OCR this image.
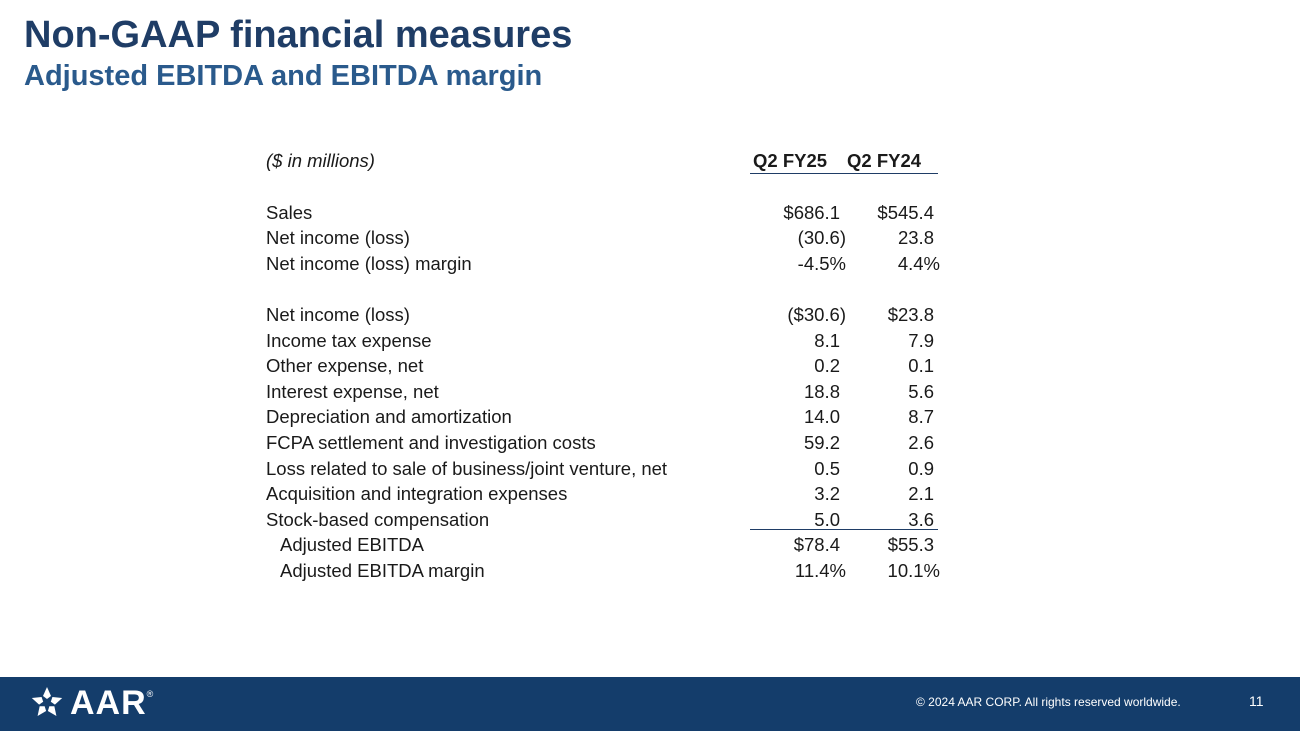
Non-GAAP financial measures
Adjusted EBITDA and EBITDA margin
($ in millions)	Q2 FY25 Q2 FY24
Sales	$686.1 $545.4
Net income (loss)	(30.6)	23.8
Net income (loss) margin	-4.5%	4.4%
Net income (loss)	($30.6) $23.8
Income tax expense	8.1	7.9
Other expense, net	0.2	0.1
Interest expense, net	18.8	5.6
Depreciation and amortization	14.0	8.7
FCPA settlement and investigation costs	59.2	2.6
Loss related to sale of business/joint venture, net	0.5	0.9
Acquisition and integration expenses	3.2	2.1
Stock-based compensation	5.0	3.6
Adjusted EBITDA	$78.4	$55.3
Adjusted EBITDA margin	11.4% 10.1%
AAR ®
© 2024 AAR CORP. All rights reserved worldwide.	11
